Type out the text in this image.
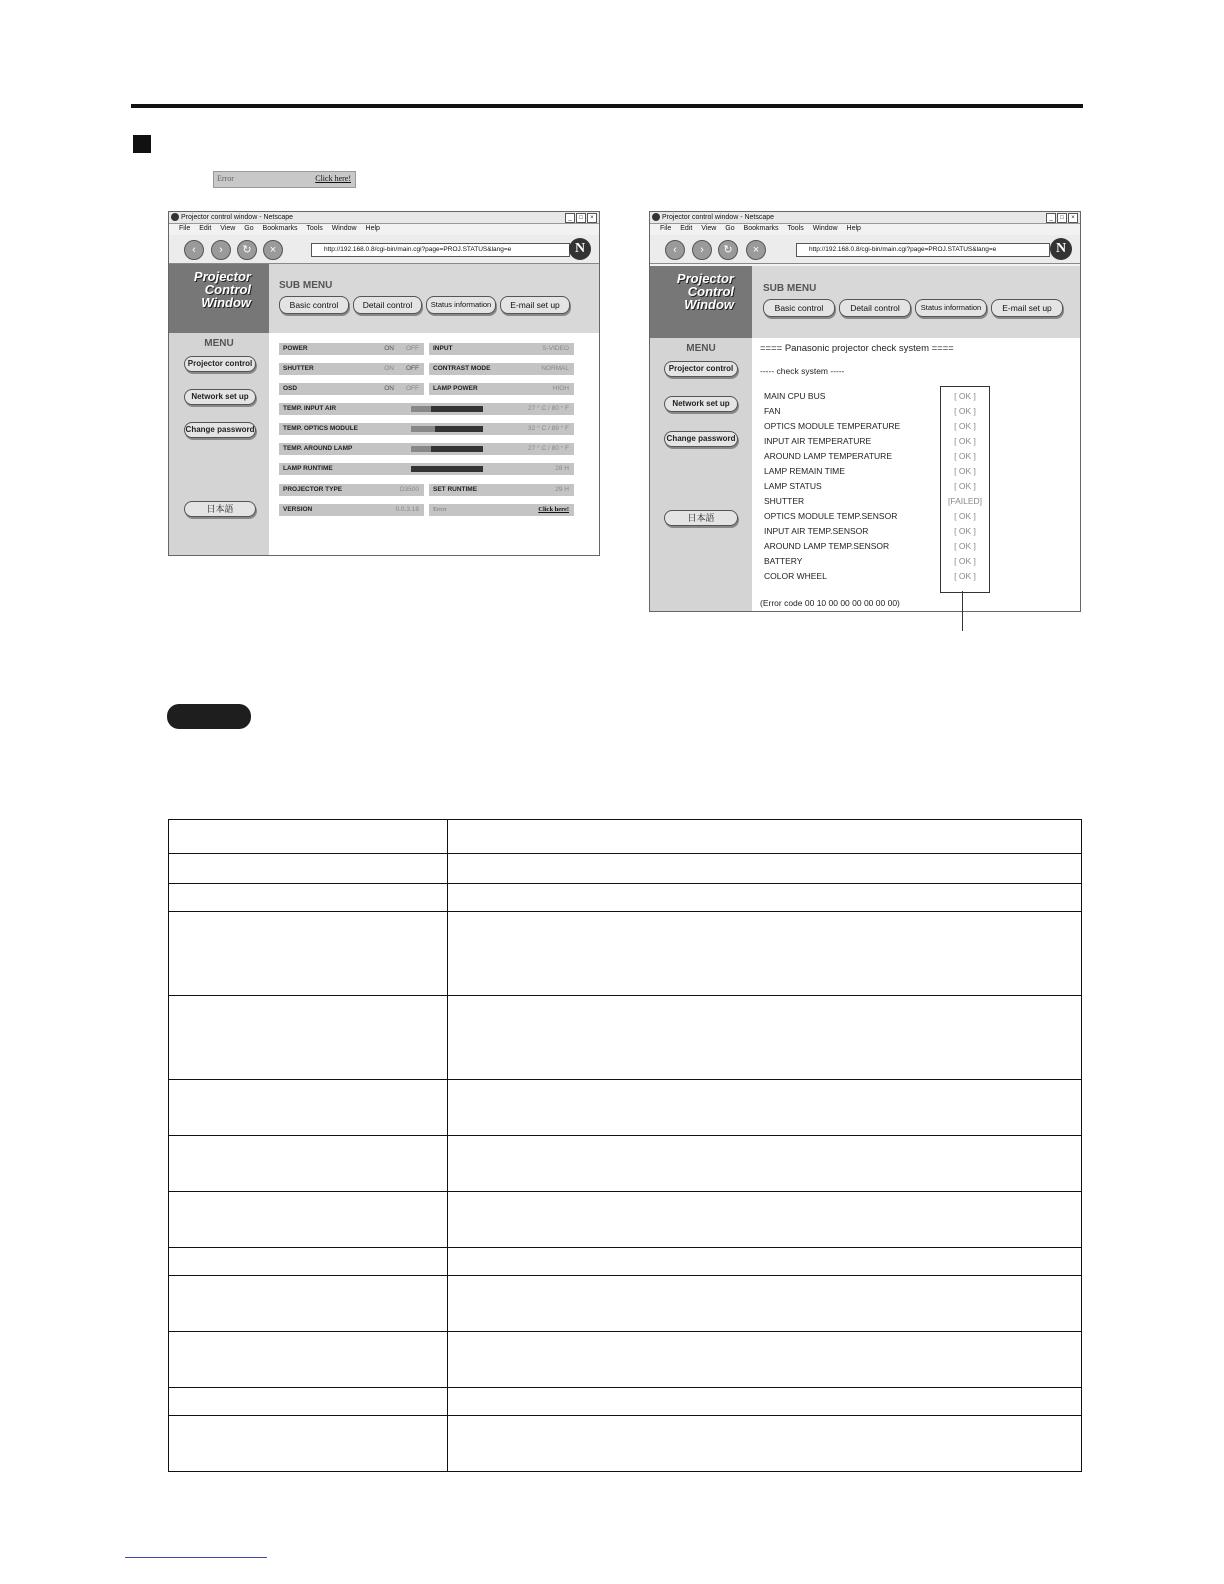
Error	Click here!
Projector control window - Netscape	_	□	×
File Edit View Go Bookmarks Tools Window Help
‹	›	↻	×	http://192.168.0.8/cgi-bin/main.cgi?page=PROJ.STATUS&lang=e	N
Projector
Control
Window
SUB MENU
Basic control	Detail control	Status information	E-mail set up
MENU
Projector control
Network set up
Change password
日本語
POWER	ON OFF	INPUT	S-VIDEO
SHUTTER	ON OFF	CONTRAST MODE	NORMAL
OSD	ON OFF	LAMP POWER	HIGH
TEMP. INPUT AIR	27 ° C / 80 ° F
TEMP. OPTICS MODULE	32 ° C / 89 ° F
TEMP. AROUND LAMP	27 ° C / 80 ° F
LAMP RUNTIME	28 H
PROJECTOR TYPE	D3500	SET RUNTIME	29 H
VERSION	0.0.3.18	Error	Click here!
Projector control window - Netscape	_	□	×
File Edit View Go Bookmarks Tools Window Help
‹	›	↻	×	http://192.168.0.8/cgi-bin/main.cgi?page=PROJ.STATUS&lang=e	N
Projector
Control
Window
SUB MENU
Basic control	Detail control	Status information	E-mail set up
MENU
Projector control
Network set up
Change password
日本語
==== Panasonic projector check system ====
----- check system -----
MAIN CPU BUS	[ OK ]
FAN	[ OK ]
OPTICS MODULE TEMPERATURE	[ OK ]
INPUT AIR TEMPERATURE	[ OK ]
AROUND LAMP TEMPERATURE	[ OK ]
LAMP REMAIN TIME	[ OK ]
LAMP STATUS	[ OK ]
SHUTTER	[FAILED]
OPTICS MODULE TEMP.SENSOR	[ OK ]
INPUT AIR TEMP.SENSOR	[ OK ]
AROUND LAMP TEMP.SENSOR	[ OK ]
BATTERY	[ OK ]
COLOR WHEEL	[ OK ]
(Error code 00 10 00 00 00 00 00 00)
